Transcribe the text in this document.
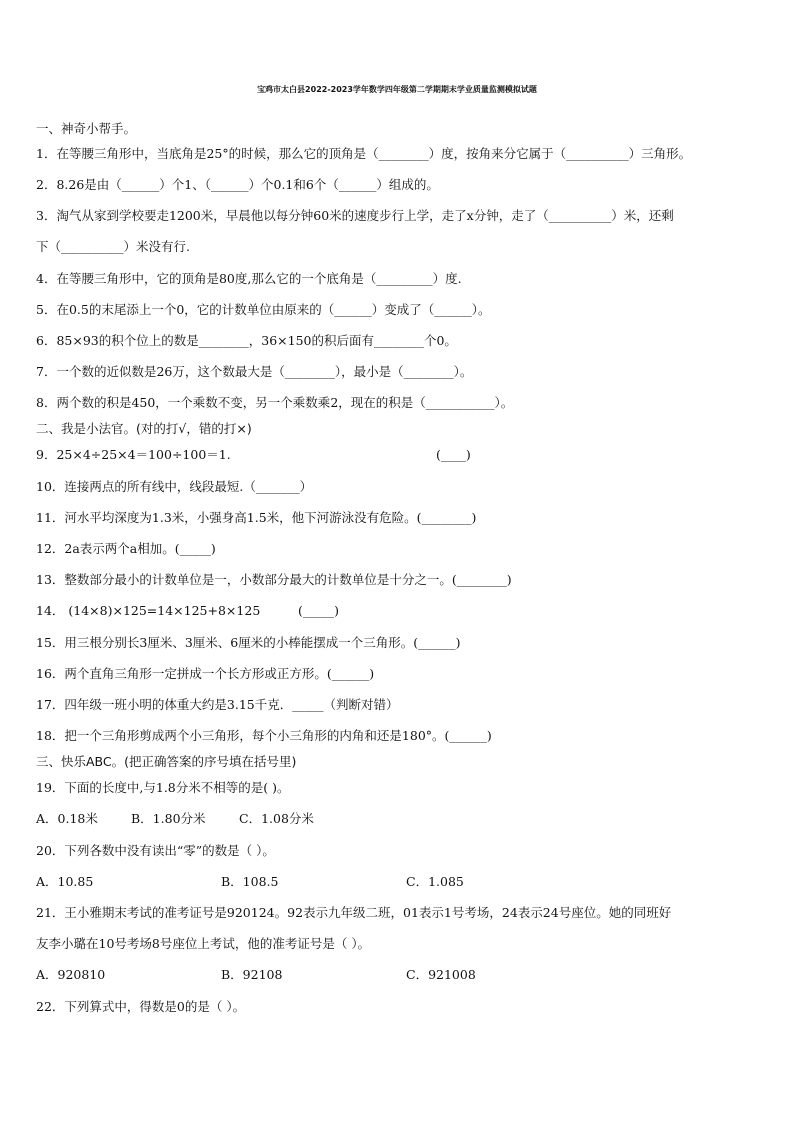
宝鸡市太白县2022-2023学年数学四年级第二学期期末学业质量监测模拟试题
一、神奇小帮手。
1．在等腰三角形中，当底角是25°的时候，那么它的顶角是（________）度，按角来分它属于（__________）三角形。
2．8.26是由（______）个1、（______）个0.1和6个（______）组成的。
3．淘气从家到学校要走1200米，早晨他以每分钟60米的速度步行上学，走了x分钟，走了（__________）米，还剩
下（__________）米没有行.
4．在等腰三角形中，它的顶角是80度,那么它的一个底角是（_________）度.
5．在0.5的末尾添上一个0，它的计数单位由原来的（______）变成了（______）。
6．85×93的积个位上的数是________，36×150的积后面有________个0。
7．一个数的近似数是26万，这个数最大是（________），最小是（________）。
8．两个数的积是450，一个乘数不变，另一个乘数乘2，现在的积是（___________）。
二、我是小法官。(对的打√，错的打×)
9．25×4÷25×4＝100÷100＝1.	(____)
10．连接两点的所有线中，线段最短.（_______）
11．河水平均深度为1.3米，小强身高1.5米，他下河游泳没有危险。(________)
12．2a表示两个a相加。(_____)
13．整数部分最小的计数单位是一，小数部分最大的计数单位是十分之一。(________)
14． (14×8)×125=14×125+8×125	(_____)
15．用三根分别长3厘米、3厘米、6厘米的小棒能摆成一个三角形。(______)
16．两个直角三角形一定拼成一个长方形或正方形。(______)
17．四年级一班小明的体重大约是3.15千克．_____（判断对错）
18．把一个三角形剪成两个小三角形，每个小三角形的内角和还是180°。(______)
三、快乐ABC。(把正确答案的序号填在括号里)
19．下面的长度中,与1.8分米不相等的是( )。
A．0.18米	B．1.80分米	C．1.08分米
20．下列各数中没有读出“零”的数是（ ）。
A．10.85	B．108.5	C．1.085
21．王小雅期末考试的准考证号是920124。92表示九年级二班，01表示1号考场，24表示24号座位。她的同班好
友李小璐在10号考场8号座位上考试，他的准考证号是（ ）。
A．920810	B．92108	C．921008
22．下列算式中，得数是0的是（ ）。
